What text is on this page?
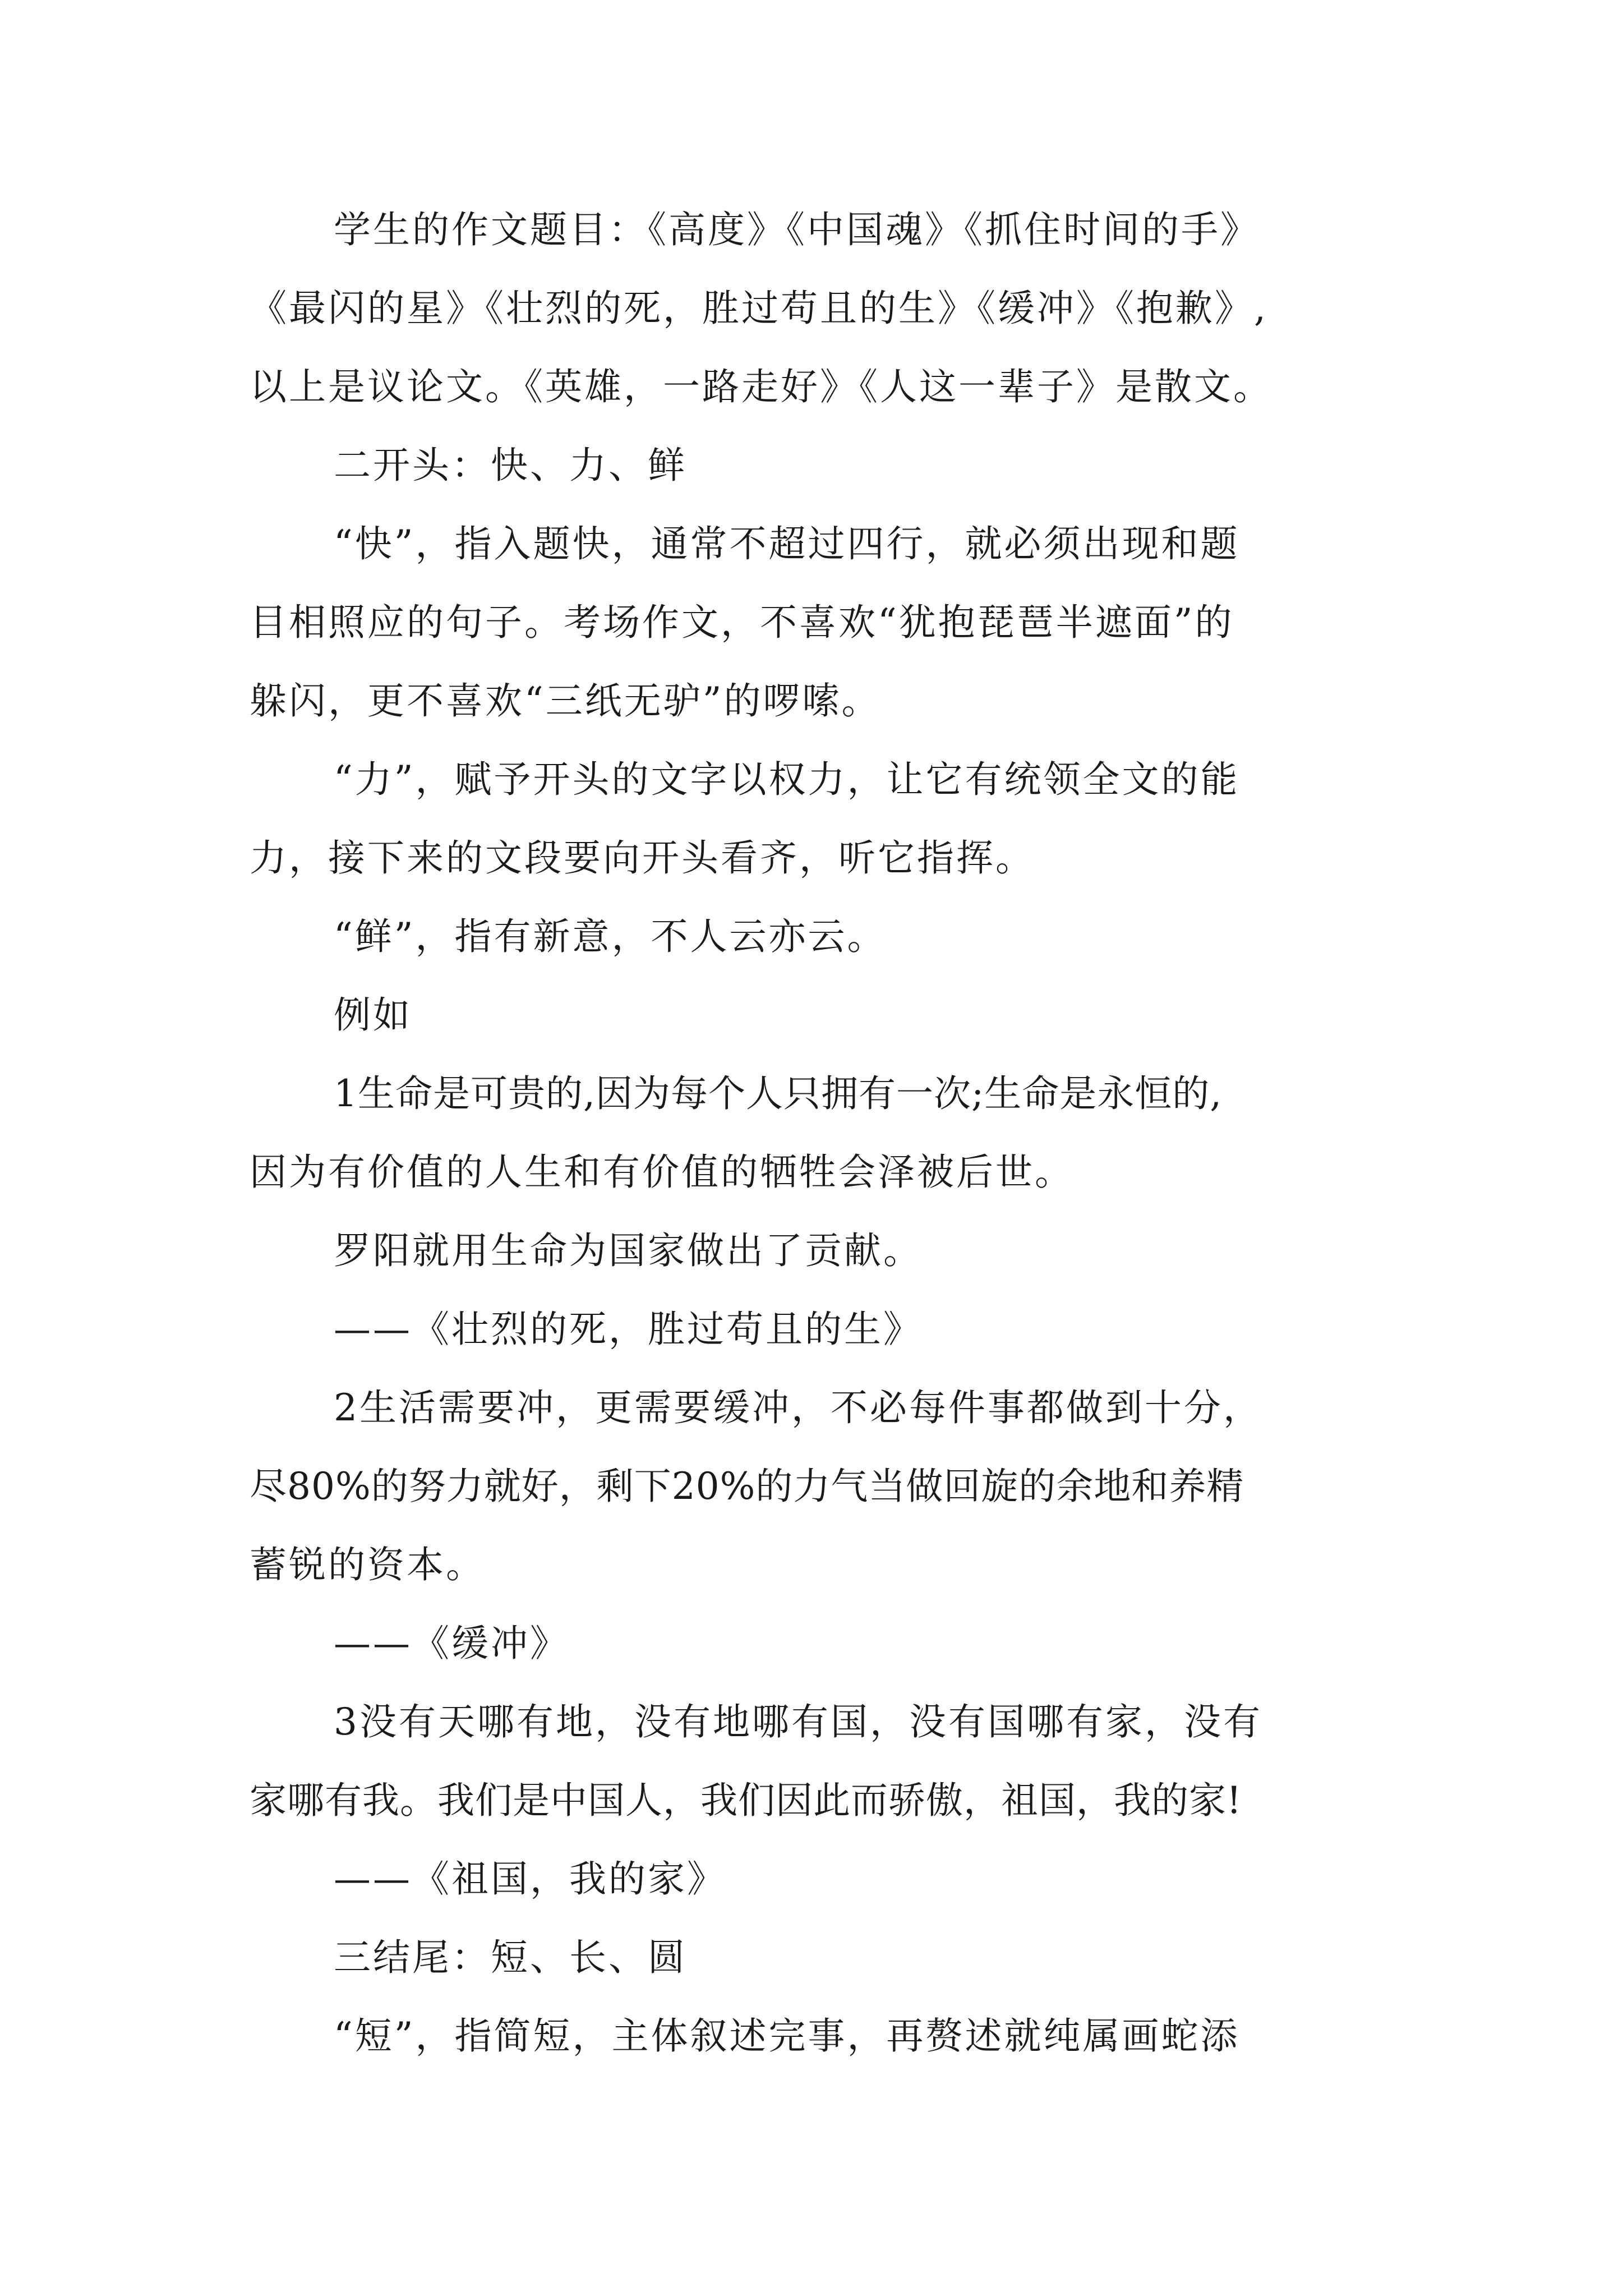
学生的作文题目：《高度》《中国魂》《抓住时间的手》
《最闪的星》《壮烈的死，胜过苟且的生》《缓冲》《抱歉》,
以上是议论文。《英雄，一路走好》《人这一辈子》是散文。
二开头：快、力、鲜
“快”，指入题快，通常不超过四行，就必须出现和题
目相照应的句子。考场作文，不喜欢“犹抱琵琶半遮面”的
躲闪，更不喜欢“三纸无驴”的啰嗦。
“力”，赋予开头的文字以权力，让它有统领全文的能
力，接下来的文段要向开头看齐，听它指挥。
“鲜”，指有新意，不人云亦云。
例如
1生命是可贵的,因为每个人只拥有一次;生命是永恒的,
因为有价值的人生和有价值的牺牲会泽被后世。
罗阳就用生命为国家做出了贡献。
——《壮烈的死，胜过苟且的生》
2生活需要冲，更需要缓冲，不必每件事都做到十分，
尽80%的努力就好，剩下20%的力气当做回旋的余地和养精
蓄锐的资本。
——《缓冲》
3没有天哪有地，没有地哪有国，没有国哪有家，没有
家哪有我。我们是中国人，我们因此而骄傲，祖国，我的家!
——《祖国，我的家》
三结尾：短、长、圆
“短”，指简短，主体叙述完事，再赘述就纯属画蛇添
